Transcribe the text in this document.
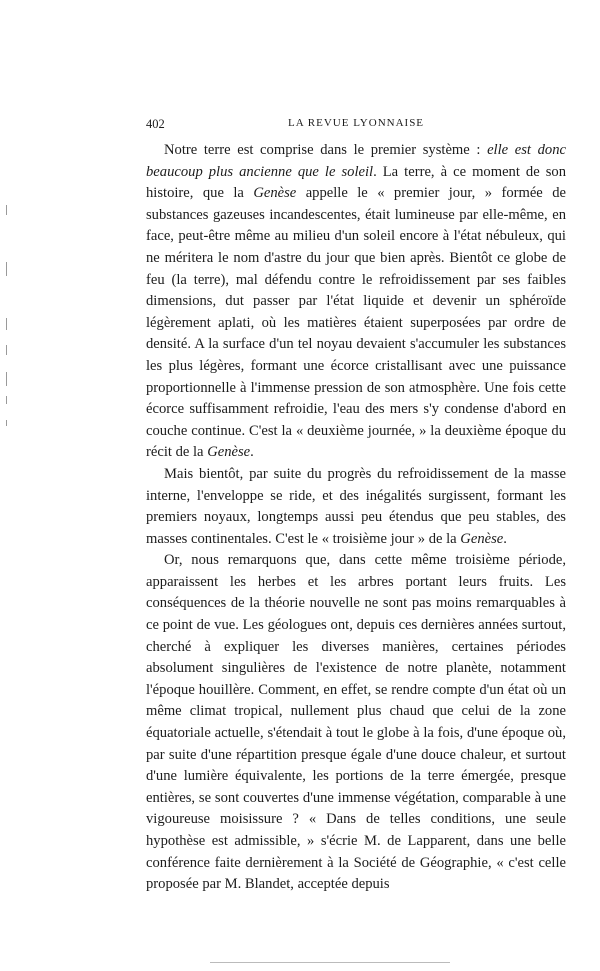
402	LA REVUE LYONNAISE

Notre terre est comprise dans le premier système : elle est donc beaucoup plus ancienne que le soleil. La terre, à ce moment de son histoire, que la Genèse appelle le « premier jour, » formée de substances gazeuses incandescentes, était lumineuse par elle-même, en face, peut-être même au milieu d'un soleil encore à l'état nébuleux, qui ne méritera le nom d'astre du jour que bien après. Bientôt ce globe de feu (la terre), mal défendu contre le refroidissement par ses faibles dimensions, dut passer par l'état liquide et devenir un sphéroïde légèrement aplati, où les matières étaient superposées par ordre de densité. A la surface d'un tel noyau devaient s'accumuler les substances les plus légères, formant une écorce cristallisant avec une puissance proportionnelle à l'immense pression de son atmosphère. Une fois cette écorce suffisamment refroidie, l'eau des mers s'y condense d'abord en couche continue. C'est la « deuxième journée, » la deuxième époque du récit de la Genèse.

Mais bientôt, par suite du progrès du refroidissement de la masse interne, l'enveloppe se ride, et des inégalités surgissent, formant les premiers noyaux, longtemps aussi peu étendus que peu stables, des masses continentales. C'est le « troisième jour » de la Genèse.

Or, nous remarquons que, dans cette même troisième période, apparaissent les herbes et les arbres portant leurs fruits. Les conséquences de la théorie nouvelle ne sont pas moins remarquables à ce point de vue. Les géologues ont, depuis ces dernières années surtout, cherché à expliquer les diverses manières, certaines périodes absolument singulières de l'existence de notre planète, notamment l'époque houillère. Comment, en effet, se rendre compte d'un état où un même climat tropical, nullement plus chaud que celui de la zone équatoriale actuelle, s'étendait à tout le globe à la fois, d'une époque où, par suite d'une répartition presque égale d'une douce chaleur, et surtout d'une lumière équivalente, les portions de la terre émergée, presque entières, se sont couvertes d'une immense végétation, comparable à une vigoureuse moisissure ? « Dans de telles conditions, une seule hypothèse est admissible, » s'écrie M. de Lapparent, dans une belle conférence faite dernièrement à la Société de Géographie, « c'est celle proposée par M. Blandet, acceptée depuis
